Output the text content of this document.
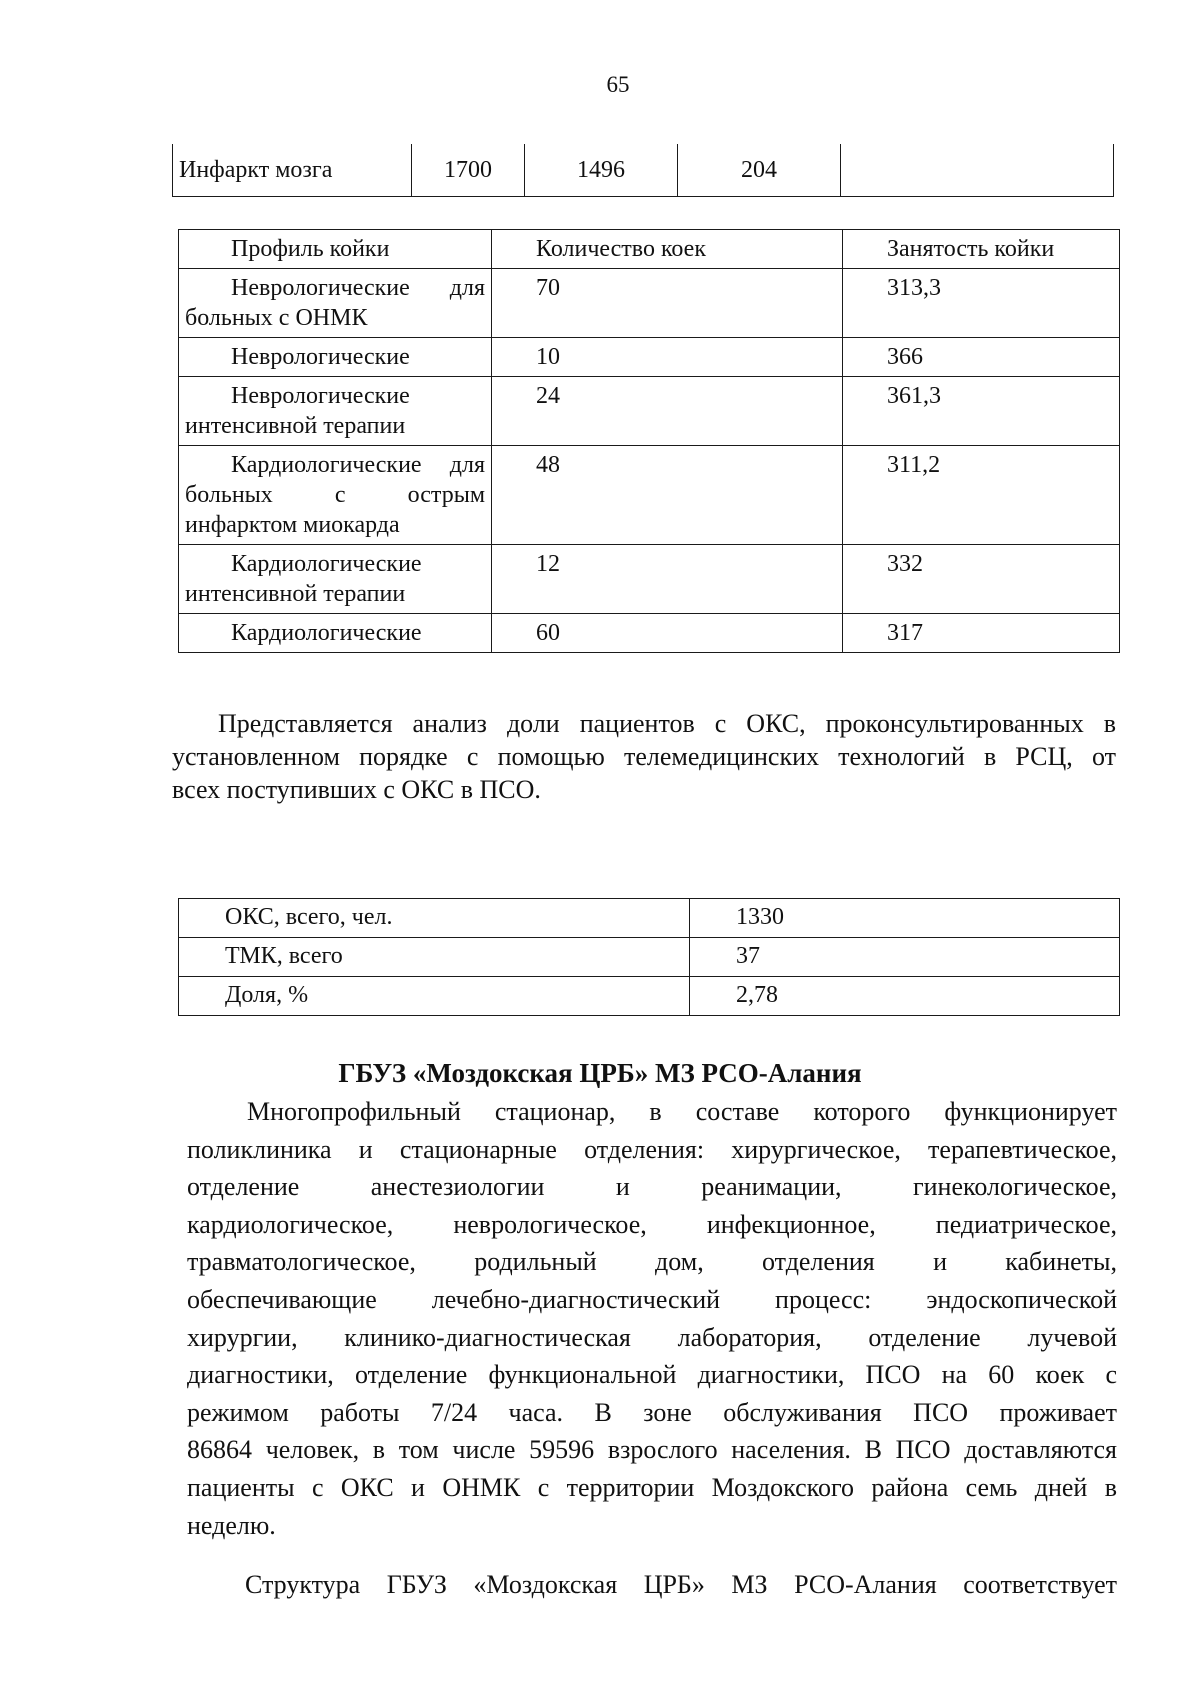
65
Инфаркт мозга	1700	1496	204	
Профиль койки	Количество коек	Занятость койки

Неврологические для
больных с ОНМК	70	313,3

Неврологические	10	366

Неврологические
интенсивной терапии	24	361,3

Кардиологические для
больных с острым
инфарктом миокарда	48	311,2

Кардиологические
интенсивной терапии	12	332

Кардиологические	60	317
Представляется анализ доли пациентов с ОКС, проконсультированных в
установленном порядке с помощью телемедицинских технологий в РСЦ, от
всех поступивших с ОКС в ПСО.
ОКС, всего, чел.	1330
ТМК, всего	37
Доля, %	2,78
ГБУЗ «Моздокская ЦРБ» МЗ РСО-Алания
Многопрофильный стационар, в составе которого функционирует
поликлиника и стационарные отделения: хирургическое, терапевтическое,
отделение анестезиологии и реанимации, гинекологическое,
кардиологическое, неврологическое, инфекционное, педиатрическое,
травматологическое, родильный дом, отделения и кабинеты,
обеспечивающие лечебно-диагностический процесс: эндоскопической
хирургии, клинико-диагностическая лаборатория, отделение лучевой
диагностики, отделение функциональной диагностики, ПСО на 60 коек с
режимом работы 7/24 часа. В зоне обслуживания ПСО проживает
86864 человек, в том числе 59596 взрослого населения. В ПСО доставляются
пациенты с ОКС и ОНМК с территории Моздокского района семь дней в
неделю.
Структура ГБУЗ «Моздокская ЦРБ» МЗ РСО-Алания соответствует
